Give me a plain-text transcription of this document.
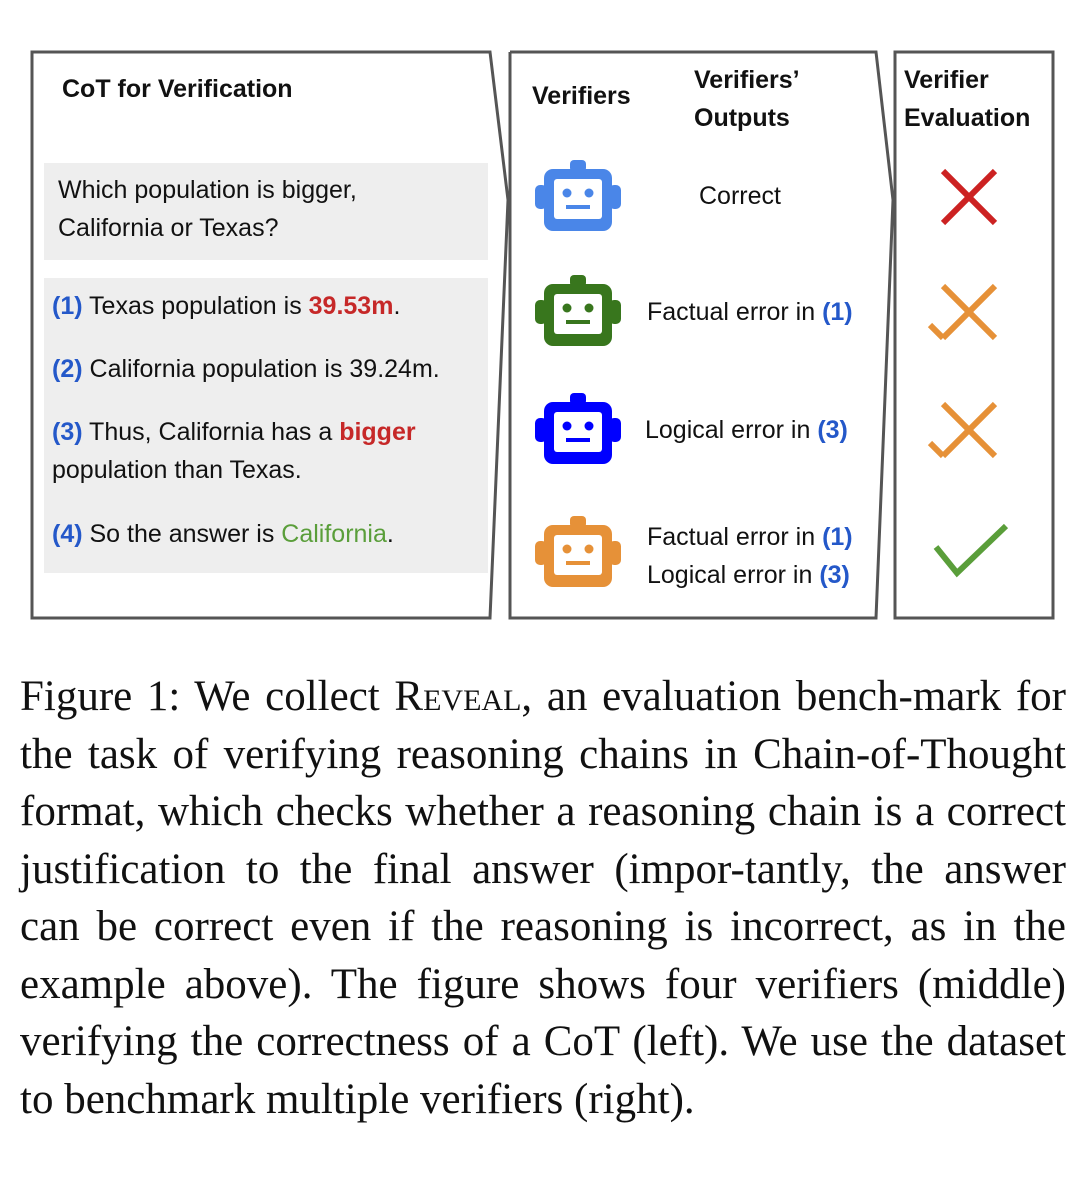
CoT for Verification
Which population is bigger,
California or Texas?
(1) Texas population is 39.53m.
(2) California population is 39.24m.
(3) Thus, California has a bigger
population than Texas.
(4) So the answer is California.
Verifiers
Verifiers’
Outputs
Correct
Factual error in (1)
Logical error in (3)
Factual error in (1)
Logical error in (3)
Verifier
Evaluation
Figure 1: We collect Reveal, an evaluation bench-mark for the task of verifying reasoning chains in Chain-of-Thought format, which checks whether a reasoning chain is a correct justification to the final answer (impor-tantly, the answer can be correct even if the reasoning is incorrect, as in the example above). The figure shows four verifiers (middle) verifying the correctness of a CoT (left). We use the dataset to benchmark multiple verifiers (right).
